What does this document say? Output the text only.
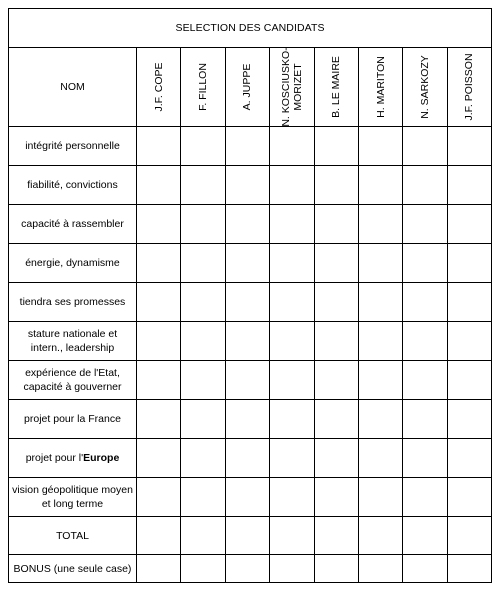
SELECTION DES CANDIDATS								
NOM	J.F. COPE	F. FILLON	A. JUPPE	N. KOSCIUSKO- MORIZET	B. LE MAIRE	H. MARITON	N. SARKOZY	J.F. POISSON

intégrité personnelle								

fiabilité, convictions								

capacité à rassembler								

énergie, dynamisme								

tiendra ses promesses								

stature nationale et
intern., leadership								

expérience de l'Etat,
capacité à gouverner								

projet pour la France								

projet pour l'Europe								

vision géopolitique moyen
et long terme								

TOTAL								
BONUS (une seule case)								
